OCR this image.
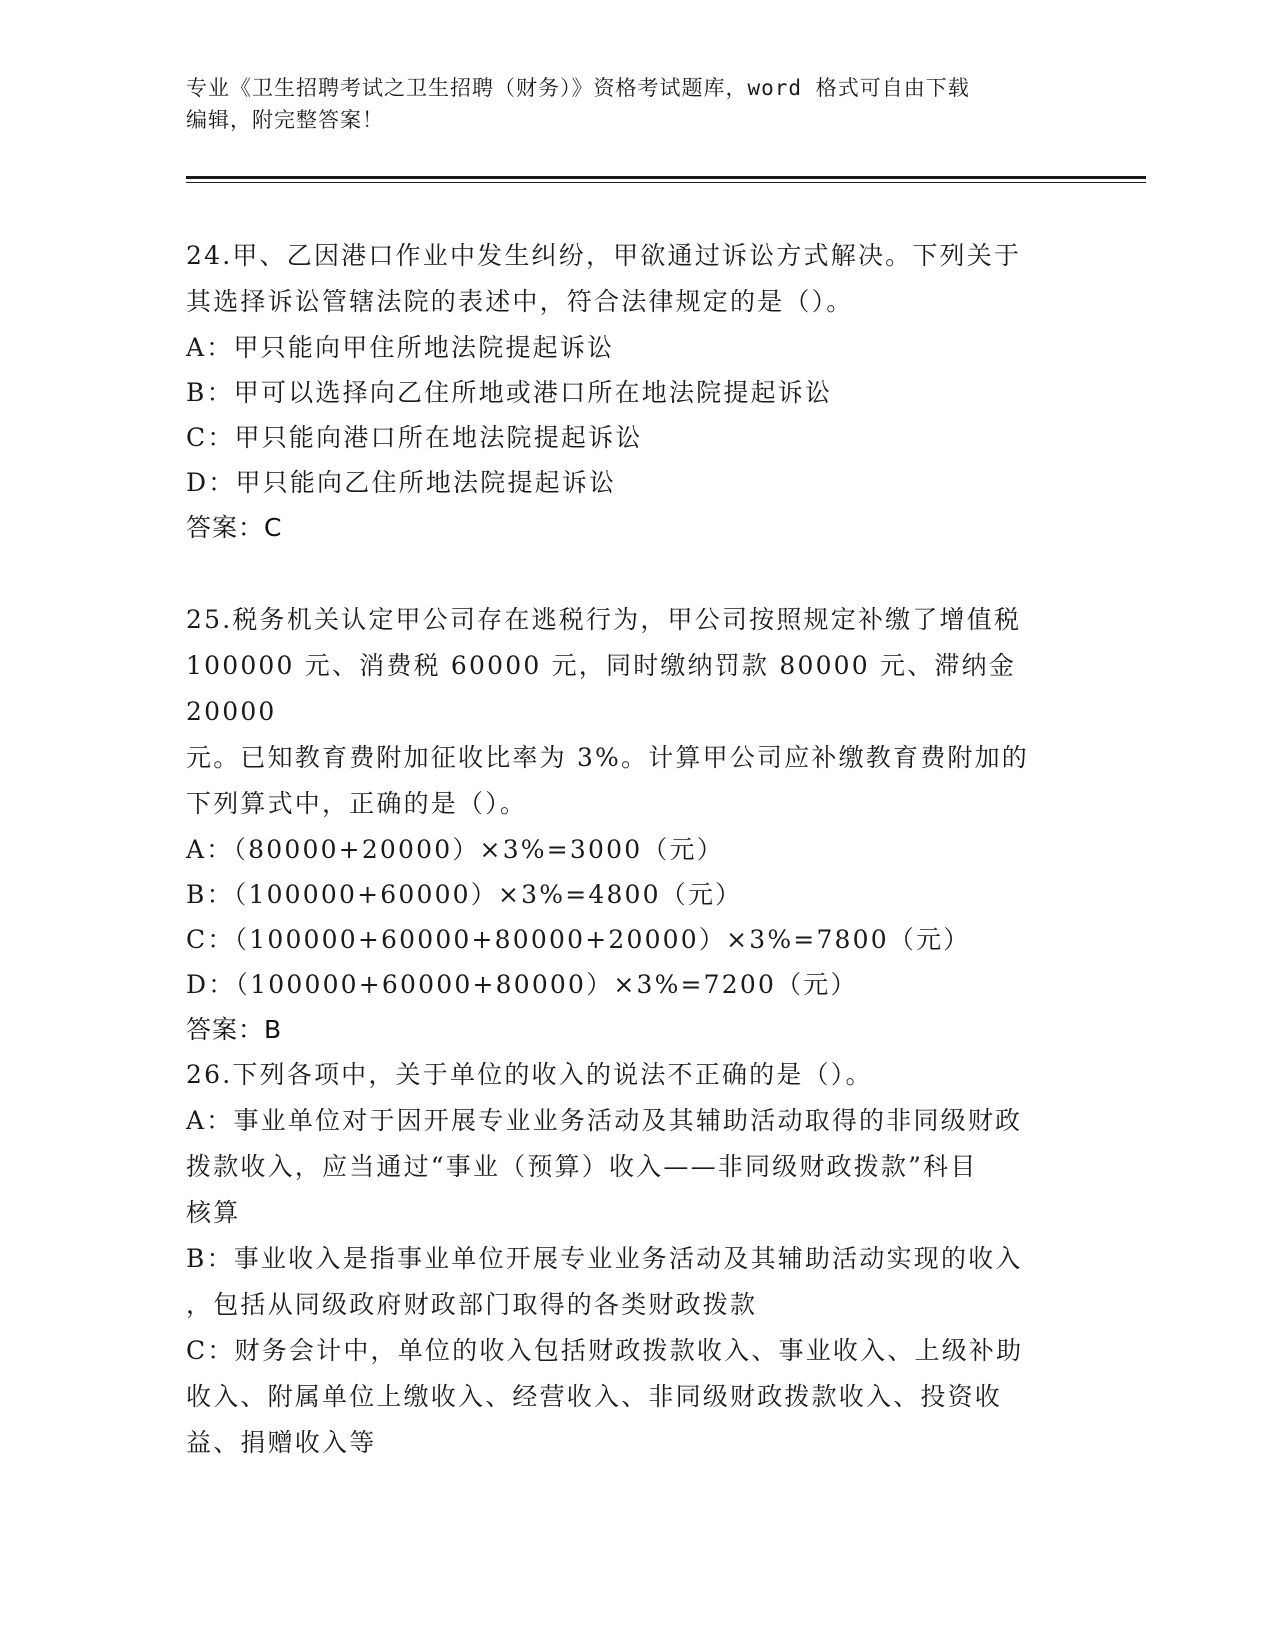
专业《卫生招聘考试之卫生招聘（财务）》资格考试题库，word 格式可自由下载
编辑，附完整答案！

24.甲、乙因港口作业中发生纠纷，甲欲通过诉讼方式解决。下列关于

其选择诉讼管辖法院的表述中，符合法律规定的是（）。

A：甲只能向甲住所地法院提起诉讼

B：甲可以选择向乙住所地或港口所在地法院提起诉讼

C：甲只能向港口所在地法院提起诉讼

D：甲只能向乙住所地法院提起诉讼

答案：C

25.税务机关认定甲公司存在逃税行为，甲公司按照规定补缴了增值税

100000 元、消费税 60000 元，同时缴纳罚款 80000 元、滞纳金 20000

元。已知教育费附加征收比率为 3%。计算甲公司应补缴教育费附加的

下列算式中，正确的是（）。

A：（80000+20000）×3%=3000（元）

B：（100000+60000）×3%=4800（元）

C：（100000+60000+80000+20000）×3%=7800（元）

D：（100000+60000+80000）×3%=7200（元）

答案：B

26.下列各项中，关于单位的收入的说法不正确的是（）。

A：事业单位对于因开展专业业务活动及其辅助活动取得的非同级财政

拨款收入，应当通过“事业（预算）收入——非同级财政拨款”科目

核算

B：事业收入是指事业单位开展专业业务活动及其辅助活动实现的收入

，包括从同级政府财政部门取得的各类财政拨款

C：财务会计中，单位的收入包括财政拨款收入、事业收入、上级补助

收入、附属单位上缴收入、经营收入、非同级财政拨款收入、投资收

益、捐赠收入等
